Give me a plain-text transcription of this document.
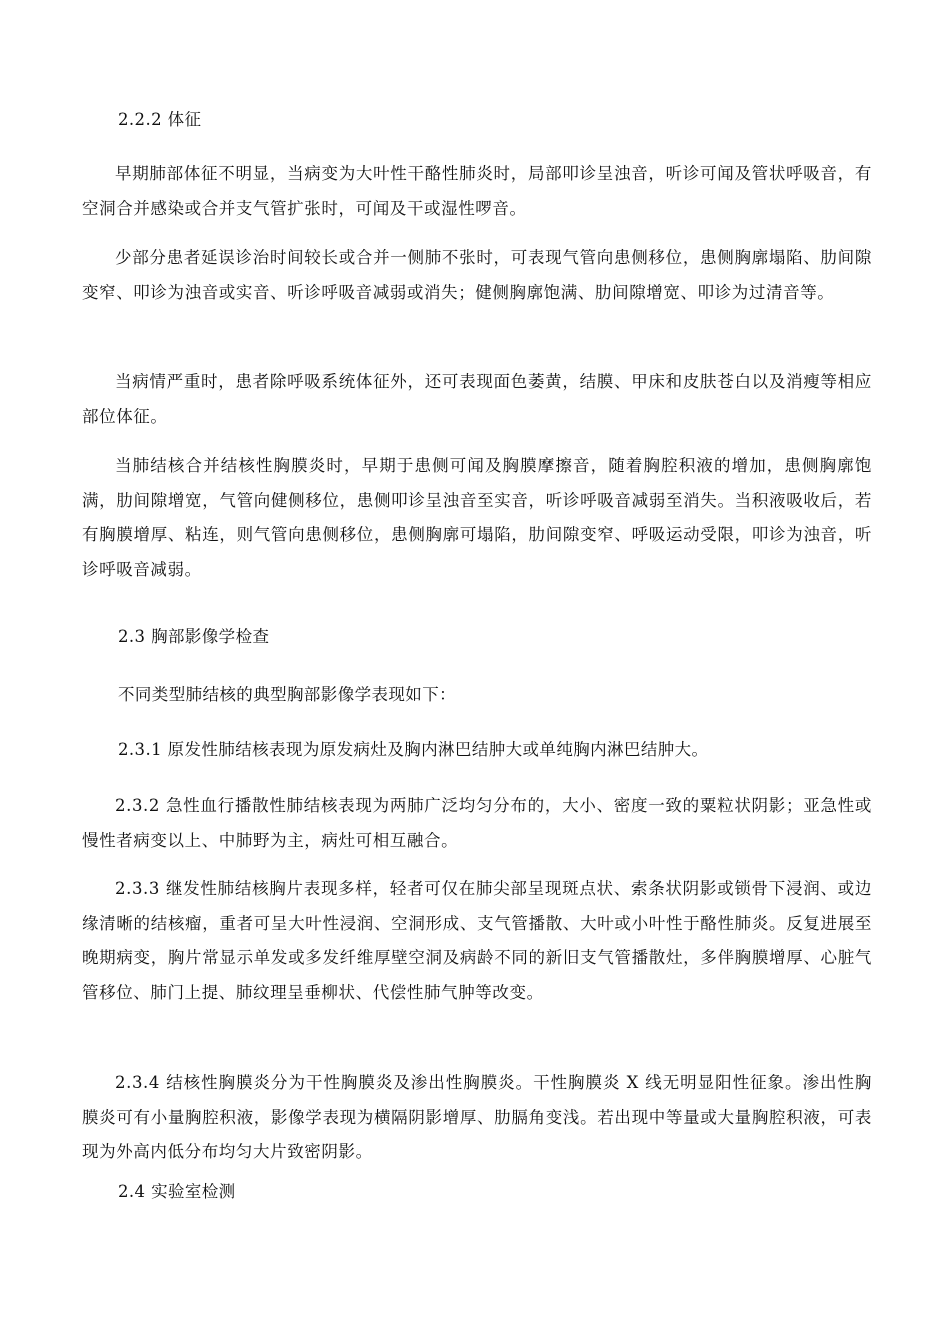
2.2.2 体征

早期肺部体征不明显，当病变为大叶性干酪性肺炎时，局部叩诊呈浊音，听诊可闻及管状呼吸音，有空洞合并感染或合并支气管扩张时，可闻及干或湿性啰音。

少部分患者延误诊治时间较长或合并一侧肺不张时，可表现气管向患侧移位，患侧胸廓塌陷、肋间隙变窄、叩诊为浊音或实音、听诊呼吸音减弱或消失；健侧胸廓饱满、肋间隙增宽、叩诊为过清音等。

当病情严重时，患者除呼吸系统体征外，还可表现面色萎黄，结膜、甲床和皮肤苍白以及消瘦等相应部位体征。

当肺结核合并结核性胸膜炎时，早期于患侧可闻及胸膜摩擦音，随着胸腔积液的增加，患侧胸廓饱满，肋间隙增宽，气管向健侧移位，患侧叩诊呈浊音至实音，听诊呼吸音减弱至消失。当积液吸收后，若有胸膜增厚、粘连，则气管向患侧移位，患侧胸廓可塌陷，肋间隙变窄、呼吸运动受限，叩诊为浊音，听诊呼吸音减弱。

2.3 胸部影像学检查

不同类型肺结核的典型胸部影像学表现如下：

2.3.1 原发性肺结核表现为原发病灶及胸内淋巴结肿大或单纯胸内淋巴结肿大。

2.3.2 急性血行播散性肺结核表现为两肺广泛均匀分布的，大小、密度一致的粟粒状阴影；亚急性或慢性者病变以上、中肺野为主，病灶可相互融合。

2.3.3 继发性肺结核胸片表现多样，轻者可仅在肺尖部呈现斑点状、索条状阴影或锁骨下浸润、或边缘清晰的结核瘤，重者可呈大叶性浸润、空洞形成、支气管播散、大叶或小叶性于酪性肺炎。反复进展至晚期病变，胸片常显示单发或多发纤维厚壁空洞及病龄不同的新旧支气管播散灶，多伴胸膜增厚、心脏气管移位、肺门上提、肺纹理呈垂柳状、代偿性肺气肿等改变。

2.3.4 结核性胸膜炎分为干性胸膜炎及渗出性胸膜炎。干性胸膜炎 X 线无明显阳性征象。渗出性胸膜炎可有小量胸腔积液，影像学表现为横隔阴影增厚、肋膈角变浅。若出现中等量或大量胸腔积液，可表现为外高内低分布均匀大片致密阴影。

2.4 实验室检测
